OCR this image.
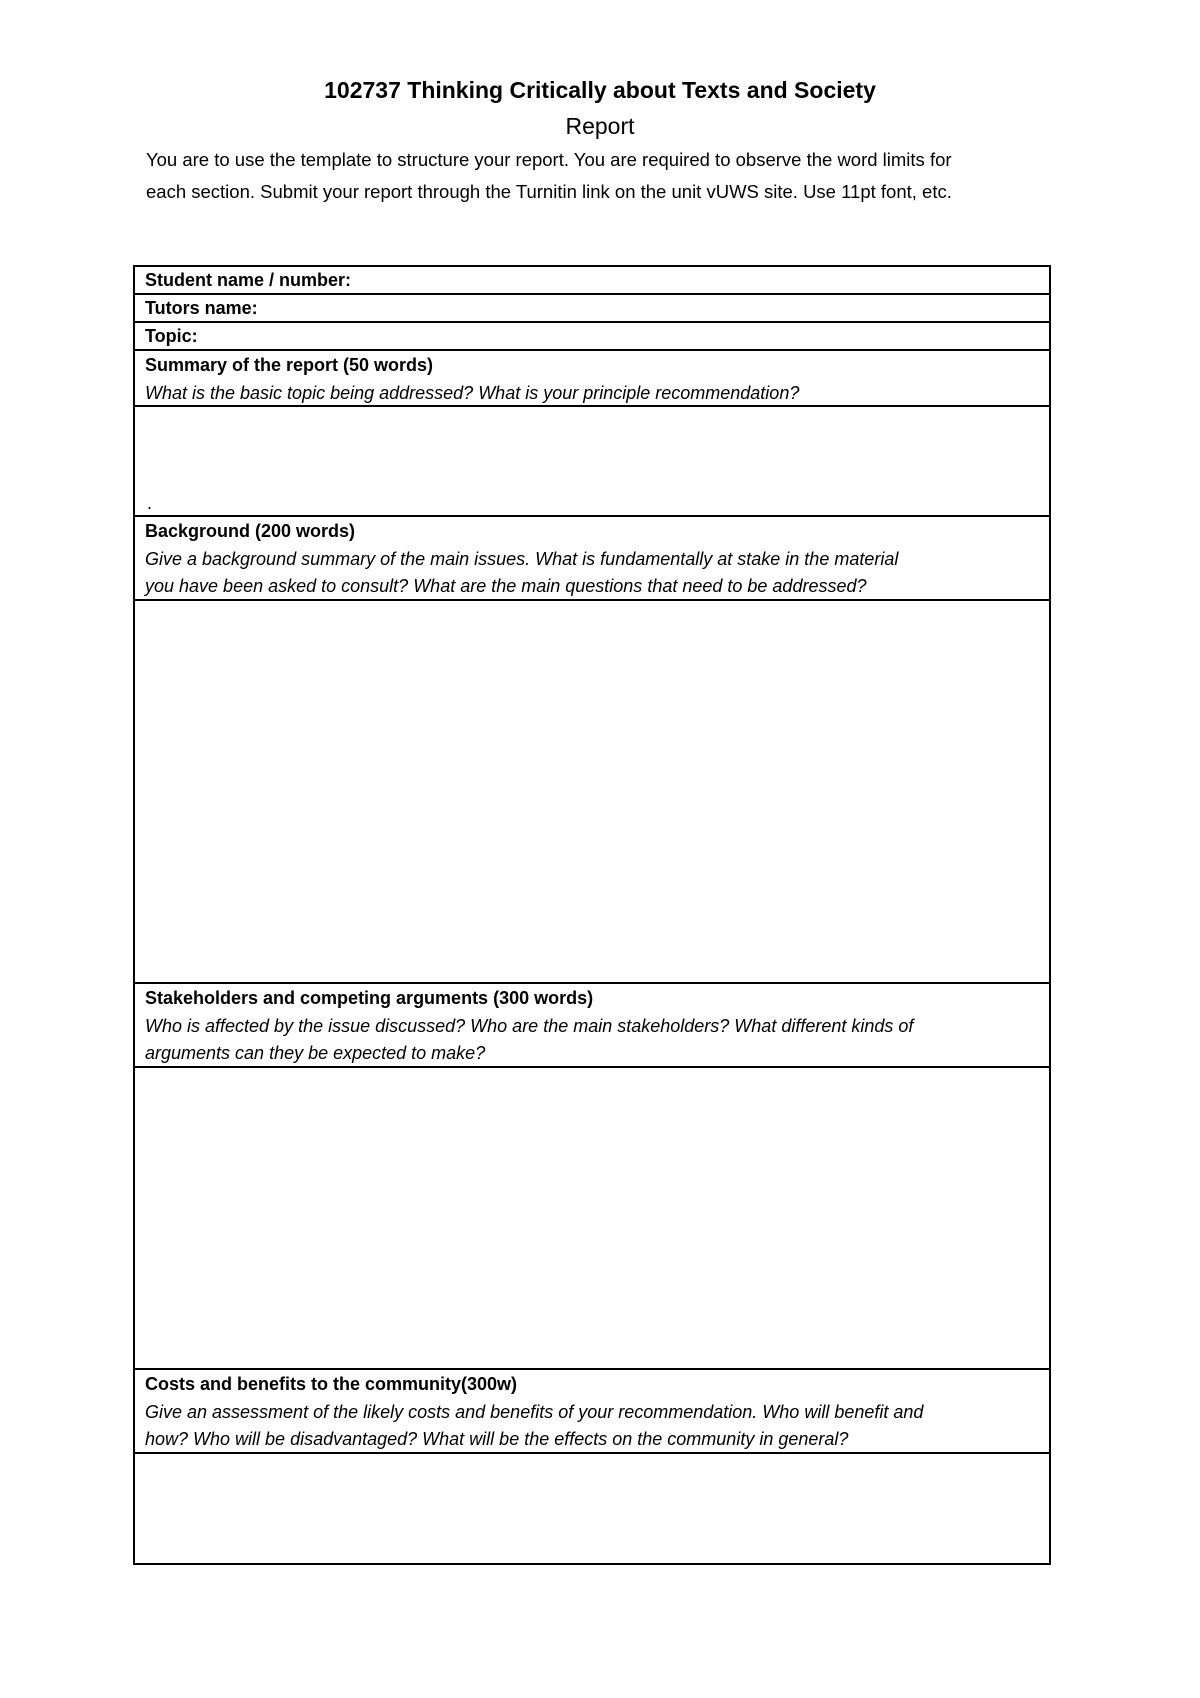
102737 Thinking Critically about Texts and Society
Report
You are to use the template to structure your report. You are required to observe the word limits for
each section. Submit your report through the Turnitin link on the unit vUWS site. Use 11pt font, etc.
Student name / number:
Tutors name:
Topic:
Summary of the report (50 words)
What is the basic topic being addressed? What is your principle recommendation?
.
Background (200 words)
Give a background summary of the main issues. What is fundamentally at stake in the material
you have been asked to consult? What are the main questions that need to be addressed?
Stakeholders and competing arguments (300 words)
Who is affected by the issue discussed? Who are the main stakeholders? What different kinds of
arguments can they be expected to make?
Costs and benefits to the community(300w)
Give an assessment of the likely costs and benefits of your recommendation. Who will benefit and
how? Who will be disadvantaged? What will be the effects on the community in general?
